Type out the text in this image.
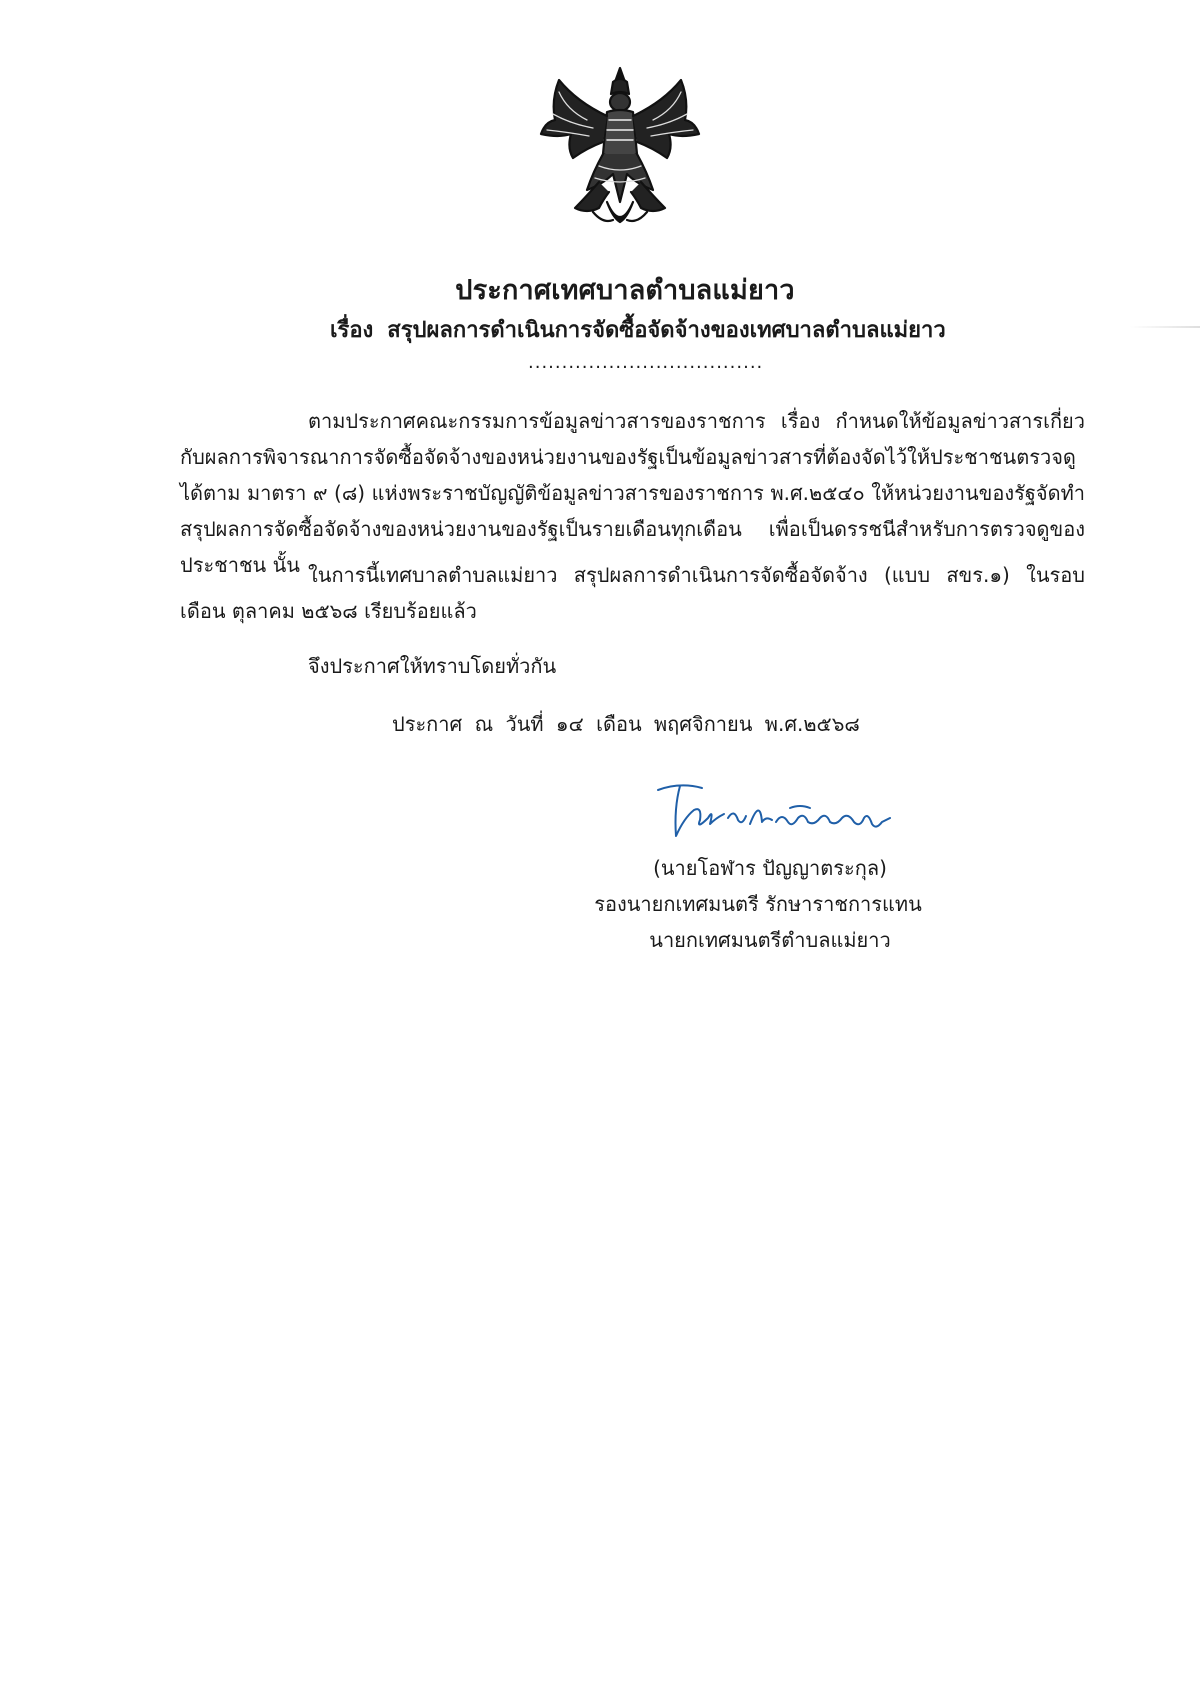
ประกาศเทศบาลตำบลแม่ยาว
เรื่อง สรุปผลการดำเนินการจัดซื้อจัดจ้างของเทศบาลตำบลแม่ยาว
...................................
ตามประกาศคณะกรรมการข้อมูลข่าวสารของราชการ เรื่อง กำหนดให้ข้อมูลข่าวสารเกี่ยวกับผลการพิจารณาการจัดซื้อจัดจ้างของหน่วยงานของรัฐเป็นข้อมูลข่าวสารที่ต้องจัดไว้ให้ประชาชนตรวจดูได้ตาม มาตรา ๙ (๘) แห่งพระราชบัญญัติข้อมูลข่าวสารของราชการ พ.ศ.๒๕๔๐ ให้หน่วยงานของรัฐจัดทำสรุปผลการจัดซื้อจัดจ้างของหน่วยงานของรัฐเป็นรายเดือนทุกเดือน เพื่อเป็นดรรชนีสำหรับการตรวจดูของประชาชน นั้น ในการนี้เทศบาลตำบลแม่ยาว สรุปผลการดำเนินการจัดซื้อจัดจ้าง (แบบ สขร.๑) ในรอบเดือน ตุลาคม ๒๕๖๘ เรียบร้อยแล้ว
จึงประกาศให้ทราบโดยทั่วกัน
ประกาศ ณ วันที่ ๑๔ เดือน พฤศจิกายน พ.ศ.๒๕๖๘
(นายโอฬาร ปัญญาตระกุล)
รองนายกเทศมนตรี รักษาราชการแทน
นายกเทศมนตรีตำบลแม่ยาว
